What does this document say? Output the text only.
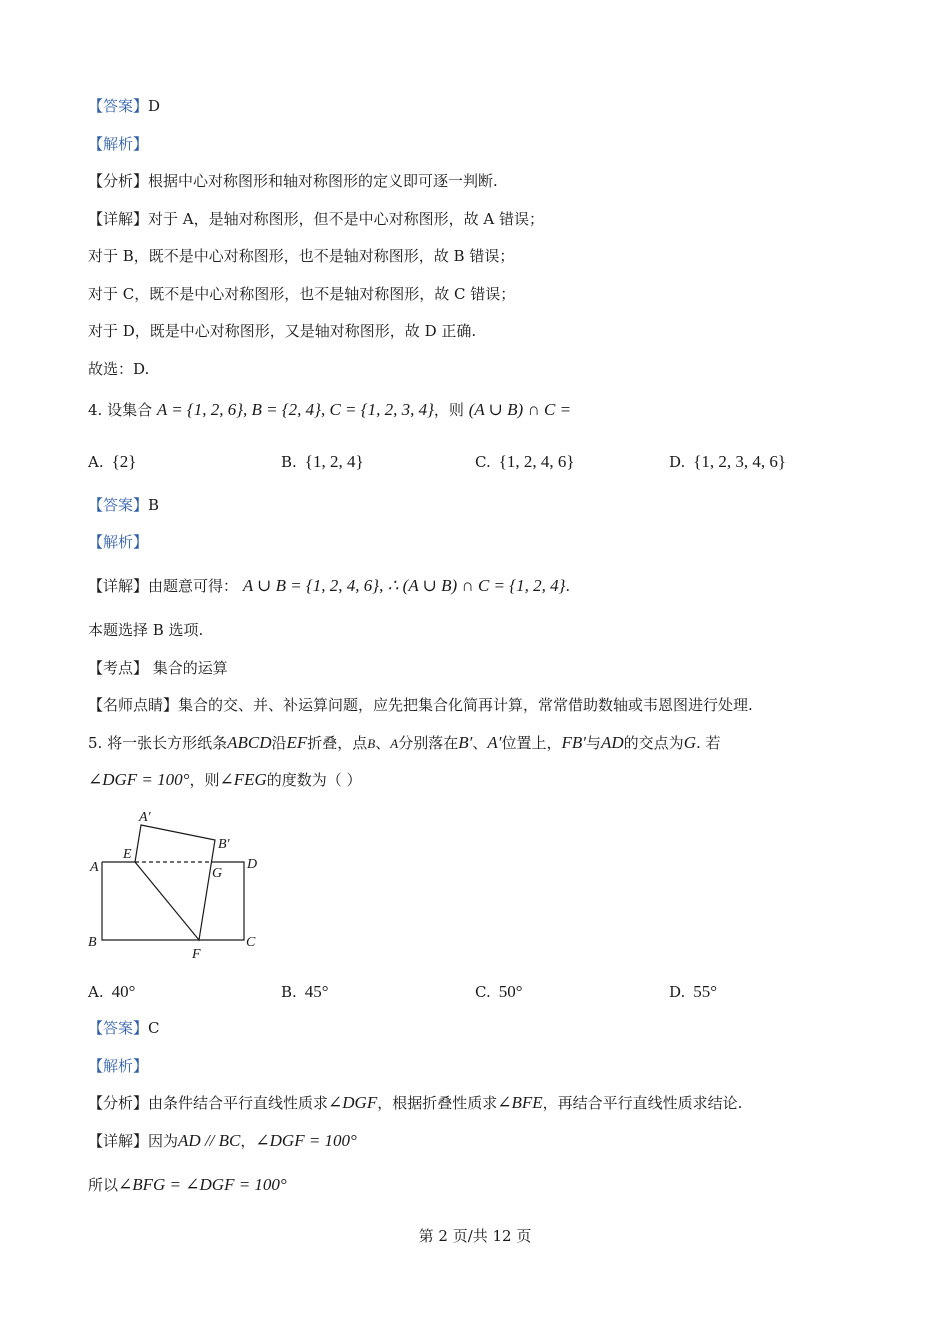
【答案】D
【解析】
【分析】根据中心对称图形和轴对称图形的定义即可逐一判断.
【详解】对于 A，是轴对称图形，但不是中心对称图形，故 A 错误；
对于 B，既不是中心对称图形，也不是轴对称图形，故 B 错误；
对于 C，既不是中心对称图形，也不是轴对称图形，故 C 错误；
对于 D，既是中心对称图形，又是轴对称图形，故 D 正确.
故选：D.
4. 设集合 A = {1, 2, 6}, B = {2, 4}, C = {1, 2, 3, 4}，则 (A ∪ B) ∩ C =
A. {2}	B. {1, 2, 4}	C. {1, 2, 4, 6}	D. {1, 2, 3, 4, 6}
【答案】B
【解析】
【详解】由题意可得： A ∪ B = {1, 2, 4, 6}, ∴ (A ∪ B) ∩ C = {1, 2, 4}.
本题选择 B 选项.
【考点】 集合的运算
【名师点睛】集合的交、并、补运算问题，应先把集合化简再计算，常常借助数轴或韦恩图进行处理.
5. 将一张长方形纸条ABCD沿EF折叠，点B、A分别落在B′、A′位置上，FB′与AD的交点为G. 若
∠DGF = 100°，则∠FEG的度数为（ ）
A′
B′
A
E
G
D
B
F
C
A. 40°	B. 45°	C. 50°	D. 55°
【答案】C
【解析】
【分析】由条件结合平行直线性质求∠DGF，根据折叠性质求∠BFE，再结合平行直线性质求结论.
【详解】因为AD // BC，∠DGF = 100°
所以∠BFG = ∠DGF = 100°
第 2 页/共 12 页
